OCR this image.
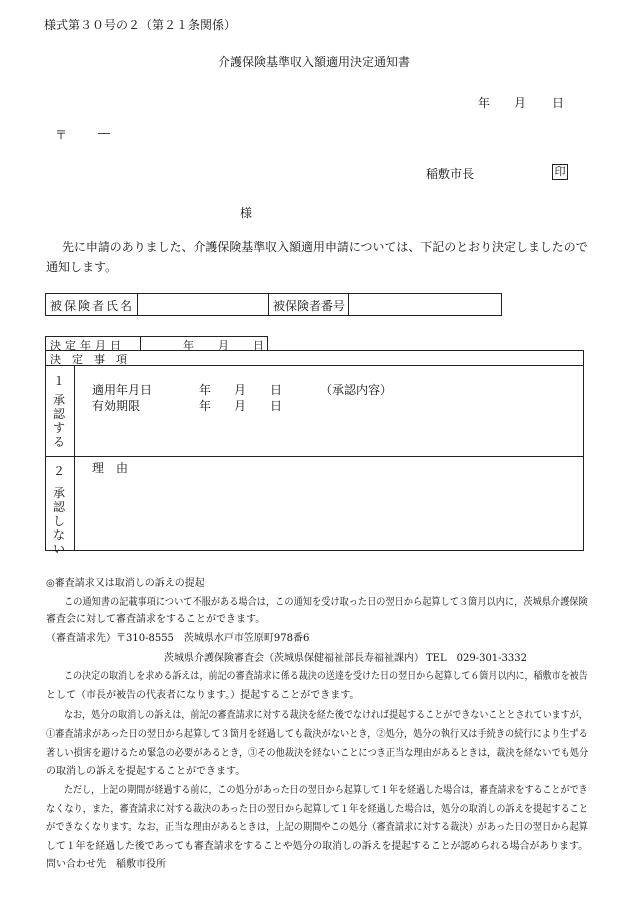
様式第３０号の２（第２１条関係）
介護保険基準収入額適用決定通知書
年 月 日
〒	―
稲敷市長	印
様
先に申請のありました、介護保険基準収入額適用申請については、下記のとおり決定しましたので
通知します。
被保険者氏名	被保険者番号
決定年月日	年 月 日
決　定　事　項
１
承認する
適用年月日	年 月 日	（承認内容）
有効期限	年 月 日
２
承認しない
理　由
◎審査請求又は取消しの訴えの提起
この通知書の記載事項について不服がある場合は，この通知を受け取った日の翌日から起算して３箇月以内に，茨城県介護保険
審査会に対して審査請求をすることができます。
（審査請求先）〒310-8555　茨城県水戸市笠原町978番6
茨城県介護保険審査会（茨城県保健福祉部長寿福祉課内） TEL　029-301-3332
この決定の取消しを求める訴えは，前記の審査請求に係る裁決の送達を受けた日の翌日から起算して６箇月以内に，稲敷市を被告
として（市長が被告の代表者になります。）提起することができます。
なお，処分の取消しの訴えは，前記の審査請求に対する裁決を経た後でなければ提起することができないこととされていますが，
①審査請求があった日の翌日から起算して３箇月を経過しても裁決がないとき，②処分，処分の執行又は手続きの続行により生ずる
著しい損害を避けるため緊急の必要があるとき，③その他裁決を経ないことにつき正当な理由があるときは，裁決を経ないでも処分
の取消しの訴えを提起することができます。
ただし，上記の期間が経過する前に，この処分があった日の翌日から起算して１年を経過した場合は，審査請求をすることができ
なくなり，また，審査請求に対する裁決のあった日の翌日から起算して１年を経過した場合は，処分の取消しの訴えを提起すること
ができなくなります。なお，正当な理由があるときは，上記の期間やこの処分（審査請求に対する裁決）があった日の翌日から起算
して１年を経過した後であっても審査請求をすることや処分の取消しの訴えを提起することが認められる場合があります。
問い合わせ先　稲敷市役所
